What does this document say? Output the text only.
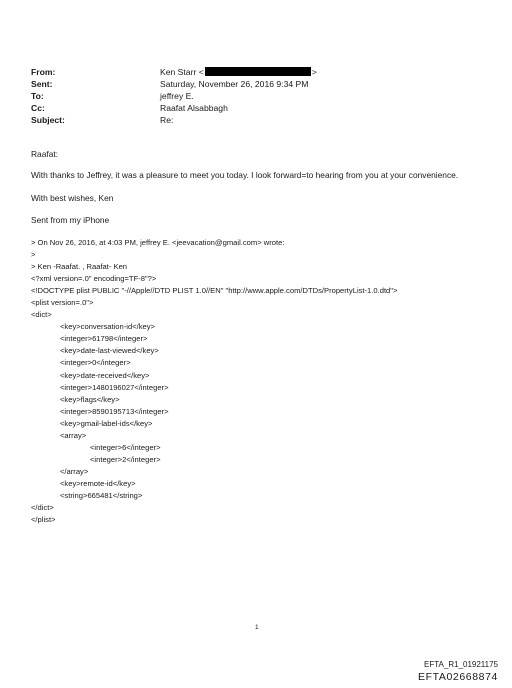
From:	Ken Starr <	>
Sent:	Saturday, November 26, 2016 9:34 PM
To:	jeffrey E.
Cc:	Raafat Alsabbagh
Subject:	Re:
Raafat:
With thanks to Jeffrey, it was a pleasure to meet you today. I look forward=to hearing from you at your convenience.
With best wishes, Ken
Sent from my iPhone
> On Nov 26, 2016, at 4:03 PM, jeffrey E. <jeevacation@gmail.com> wrote:
>
> Ken -Raafat. , Raafat- Ken
<?xml version=.0" encoding=TF-8"?>
<!DOCTYPE plist PUBLIC "-//Apple//DTD PLIST 1.0//EN" "http://www.apple.com/DTDs/PropertyList-1.0.dtd">
<plist version=.0">
<dict>
<key>conversation-id</key>
<integer>61798</integer>
<key>date-last-viewed</key>
<integer>0</integer>
<key>date-received</key>
<integer>1480196027</integer>
<key>flags</key>
<integer>8590195713</integer>
<key>gmail-label-ids</key>
<array>
<integer>6</integer>
<integer>2</integer>
</array>
<key>remote-id</key>
<string>665481</string>
</dict>
</plist>
1
EFTA_R1_01921175
EFTA02668874
